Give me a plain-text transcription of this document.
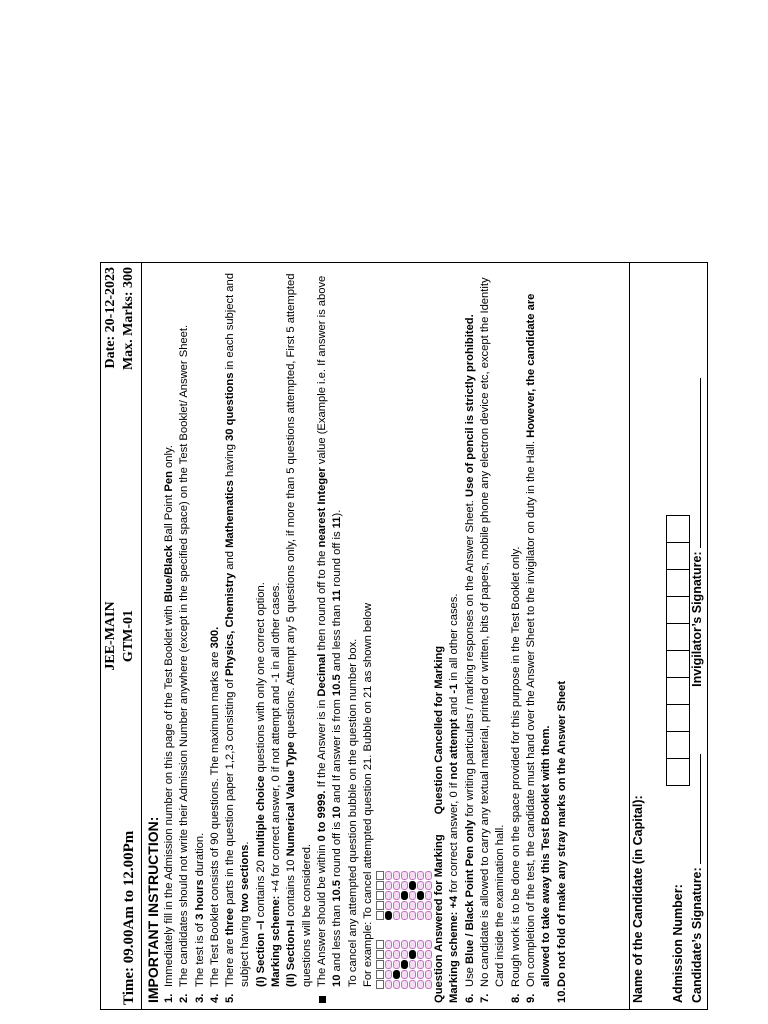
Time: 09.00Am to 12.00Pm
JEE-MAIN GTM-01
Date: 20-12-2023 Max. Marks: 300
IMPORTANT INSTRUCTION: 1.
Immediately fill in the Admission number on this page of the Test Booklet with Blue/Black Ball Point Pen only.
2.
The candidates should not write their Admission Number anywhere (except in the specified space) on the Test Booklet/ Answer Sheet.
3.
The test is of 3 hours duration.
4.
The Test Booklet consists of 90 questions. The maximum marks are 300.
5.
There are three parts in the question paper 1,2,3 consisting of Physics, Chemistry and Mathematics having 30 questions in each subject and subject having two sections.
(I) Section –I contains 20 multiple choice questions with only one correct option.
Marking scheme: +4 for correct answer, 0 if not attempt and -1 in all other cases.
(II) Section-II contains 10 Numerical Value Type questions. Attempt any 5 questions only, if more than 5 questions attempted, First 5 attempted questions will be considered. The Answer should be within 0 to 9999. If the Answer is in Decimal then round off to the nearest Integer value (Example i.e. If answer is above 10 and less than 10.5 round off is 10 and If answer is from 10.5 and less than 11 round off is 11).
To cancel any attempted question bubble on the question number box. For example: To cancel attempted question 21. Bubble on 21 as shown below	Question Answered for Marking
Question Cancelled for Marking
Marking scheme: +4 for correct answer, 0 if not attempt and -1 in all other cases.
6.
Use Blue / Black Point Pen only for writing particulars / marking responses on the Answer Sheet. Use of pencil is strictly prohibited.
7.
No candidate is allowed to carry any textual material, printed or written, bits of papers, mobile phone any electron device etc, except the Identity Card inside the examination hall.
8.
Rough work is to be done on the space provided for this purpose in the Test Booklet only.
9.
On completion of the test, the candidate must hand over the Answer Sheet to the invigilator on duty in the Hall. However, the candidate are allowed to take away this Test Booklet with them.
10.
Do not fold of make any stray marks on the Answer Sheet	Name of the Candidate (in Capital): Admission Number: Candidate’s Signature:   Invigilator’s Signature:
